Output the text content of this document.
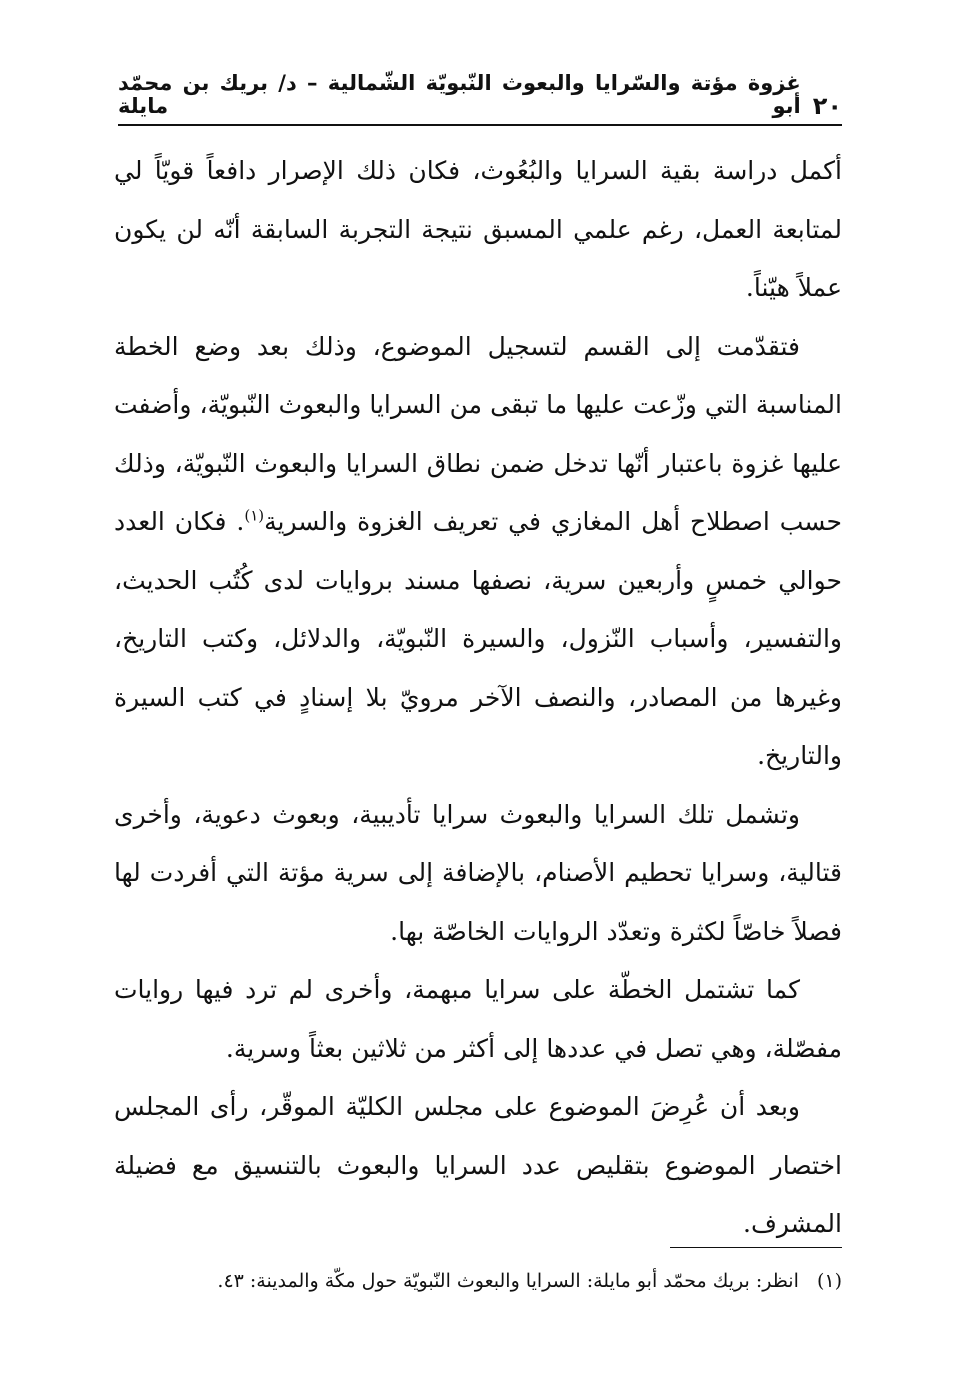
٢٠
غزوة مؤتة والسّرايا والبعوث النّبويّة الشّمالية – د/ بريك بن محمّد أبو مايلة

أكمل دراسة بقية السرايا والبُعُوث، فكان ذلك الإصرار دافعاً قويّاً لي لمتابعة العمل، رغم علمي المسبق نتيجة التجربة السابقة أنّه لن يكون عملاً هيّناً.

فتقدّمت إلى القسم لتسجيل الموضوع، وذلك بعد وضع الخطة المناسبة التي وزّعت عليها ما تبقى من السرايا والبعوث النّبويّة، وأضفت عليها غزوة باعتبار أنّها تدخل ضمن نطاق السرايا والبعوث النّبويّة، وذلك حسب اصطلاح أهل المغازي في تعريف الغزوة والسرية$^{(١)}$. فكان العدد حوالي خمسٍ وأربعين سرية، نصفها مسند بروايات لدى كُتُب الحديث، والتفسير، وأسباب النّزول، والسيرة النّبويّة، والدلائل، وكتب التاريخ، وغيرها من المصادر، والنصف الآخر مرويّ بلا إسنادٍ في كتب السيرة والتاريخ.

وتشمل تلك السرايا والبعوث سرايا تأديبية، وبعوث دعوية، وأخرى قتالية، وسرايا تحطيم الأصنام، بالإضافة إلى سرية مؤتة التي أفردت لها فصلاً خاصّاً لكثرة وتعدّد الروايات الخاصّة بها.

كما تشتمل الخطّة على سرايا مبهمة، وأخرى لم ترد فيها روايات مفصّلة، وهي تصل في عددها إلى أكثر من ثلاثين بعثاً وسرية.

وبعد أن عُرِضَ الموضوع على مجلس الكليّة الموقّر، رأى المجلس اختصار الموضوع بتقليص عدد السرايا والبعوث بالتنسيق مع فضيلة المشرف.

(١) انظر: بريك محمّد أبو مايلة: السرايا والبعوث النّبويّة حول مكّة والمدينة: ٤٣.
